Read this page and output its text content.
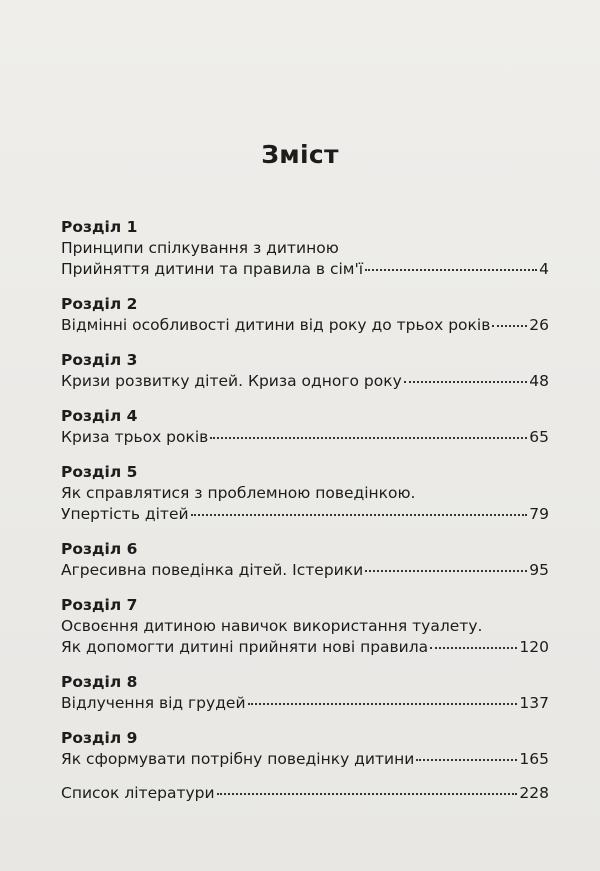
Зміст
Розділ 1
Принципи спілкування з дитиною
Прийняття дитини та правила в сім'ї	4
Розділ 2
Відмінні особливості дитини від року до трьох років	26
Розділ 3
Кризи розвитку дітей. Криза одного року	48
Розділ 4
Криза трьох років	65
Розділ 5
Як справлятися з проблемною поведінкою.
Упертість дітей	79
Розділ 6
Агресивна поведінка дітей. Істерики	95
Розділ 7
Освоєння дитиною навичок використання туалету.
Як допомогти дитині прийняти нові правила	120
Розділ 8
Відлучення від грудей	137
Розділ 9
Як сформувати потрібну поведінку дитини	165
Список літератури	228
